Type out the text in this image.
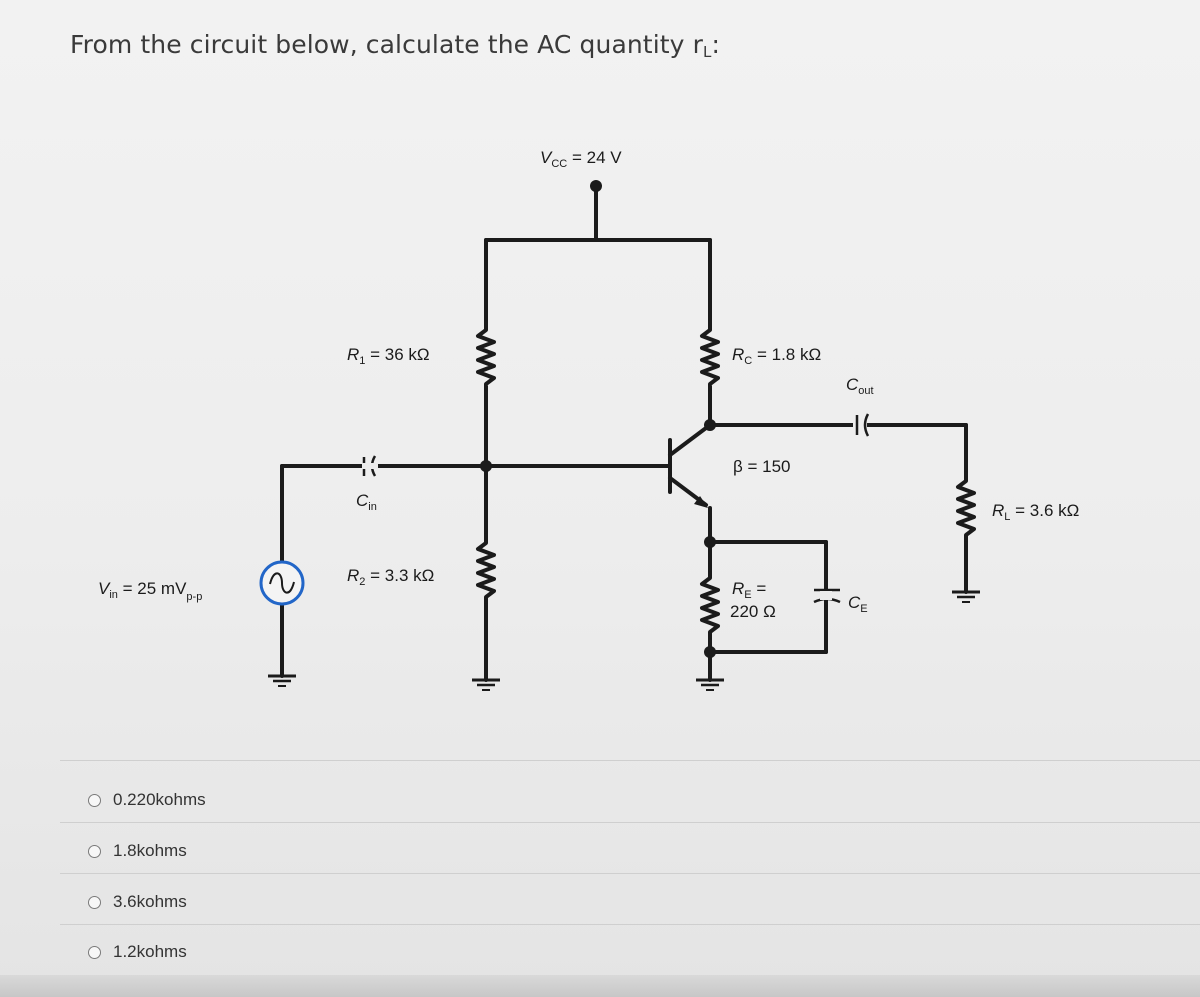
From the circuit below, calculate the AC quantity $r_L$:
$V_{CC} = 24$ V
$R_1 = 36$ kΩ
$R_2 = 3.3$ kΩ
$R_C = 1.8$ kΩ
$C_{out}$
β = 150
$C_{in}$	$R_L = 3.6$ kΩ
$R_E$ =
220 Ω	$C_E$
$V_{in} = 25$ $mV_{p-p}$
0.220kohms
1.8kohms
3.6kohms
1.2kohms
